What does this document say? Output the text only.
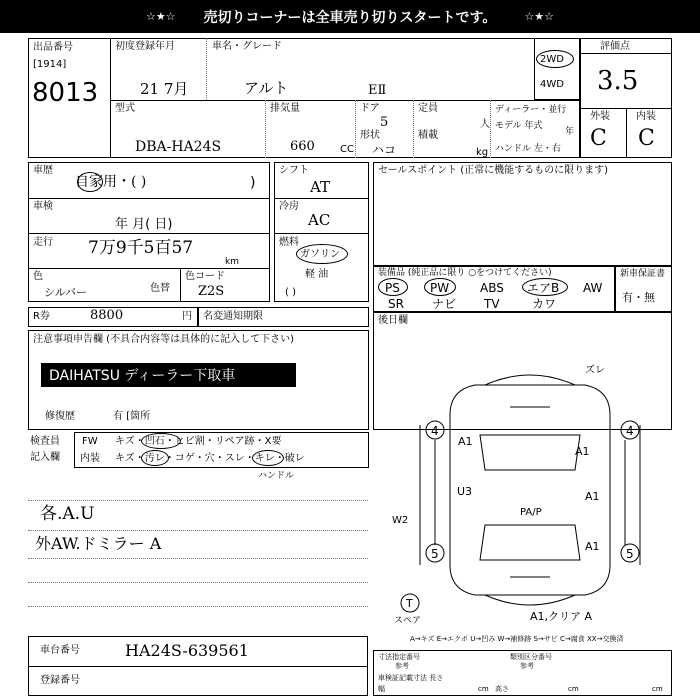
☆★☆ 売切りコーナーは全車売り切りスタートです。	☆★☆
出品番号
[1914]
8013
初度登録年月
21 7月
車名・グレード
アルト	EⅡ
2WD
4WD
型式
DBA-HA24S
排気量
660	CC
ドア
5
形状
ハコ
定員
人
積載
kg
ディーラー・並行
モデル 年式
年
ハンドル 左・右
評価点
3.5
外装	内装
C C
車歴
自家用・( )	)
車検
年 月( 日)
走行 7万9千5百57
km
色
シルバー	色替
色コード
Z2S
シフト
AT
冷房
AC
燃料
ガソリン
軽 油
( )
セールスポイント (正常に機能するものに限ります)
装備品 (純正品に限り ○をつけてください)
PS	PW	ABS エアB AW
SR ナビ TV	カワ
新車保証書
有・無
R券	8800	円 名変通知期限	後日欄
注意事項申告欄 (不具合内容等は具体的に記入して下さい)
DAIHATSU ディーラー下取車
修復歴	有 [箇所
検査員
記入欄
FW キズ・凹石・ヒビ割・リペア跡・X要
内装 キズ・汚レ・コゲ・穴・スレ・キレ・破レ
ハンドル
各.A.U
外AW.ドミラー A
ズレ
4	4
A1
A1
U3	A1
PA/P
W2
5	5
A1
A1,クリア A
T
スペア
A→キズ E→エクボ U→凹み W→補修跡 S→サビ C→腐食 XX→交換済
車台番号	HA24S-639561
登録番号
寸法指定番号
参考
類別区分番号
参考
車検証記載寸法 長さ
幅	cm 高さ	cm	cm
